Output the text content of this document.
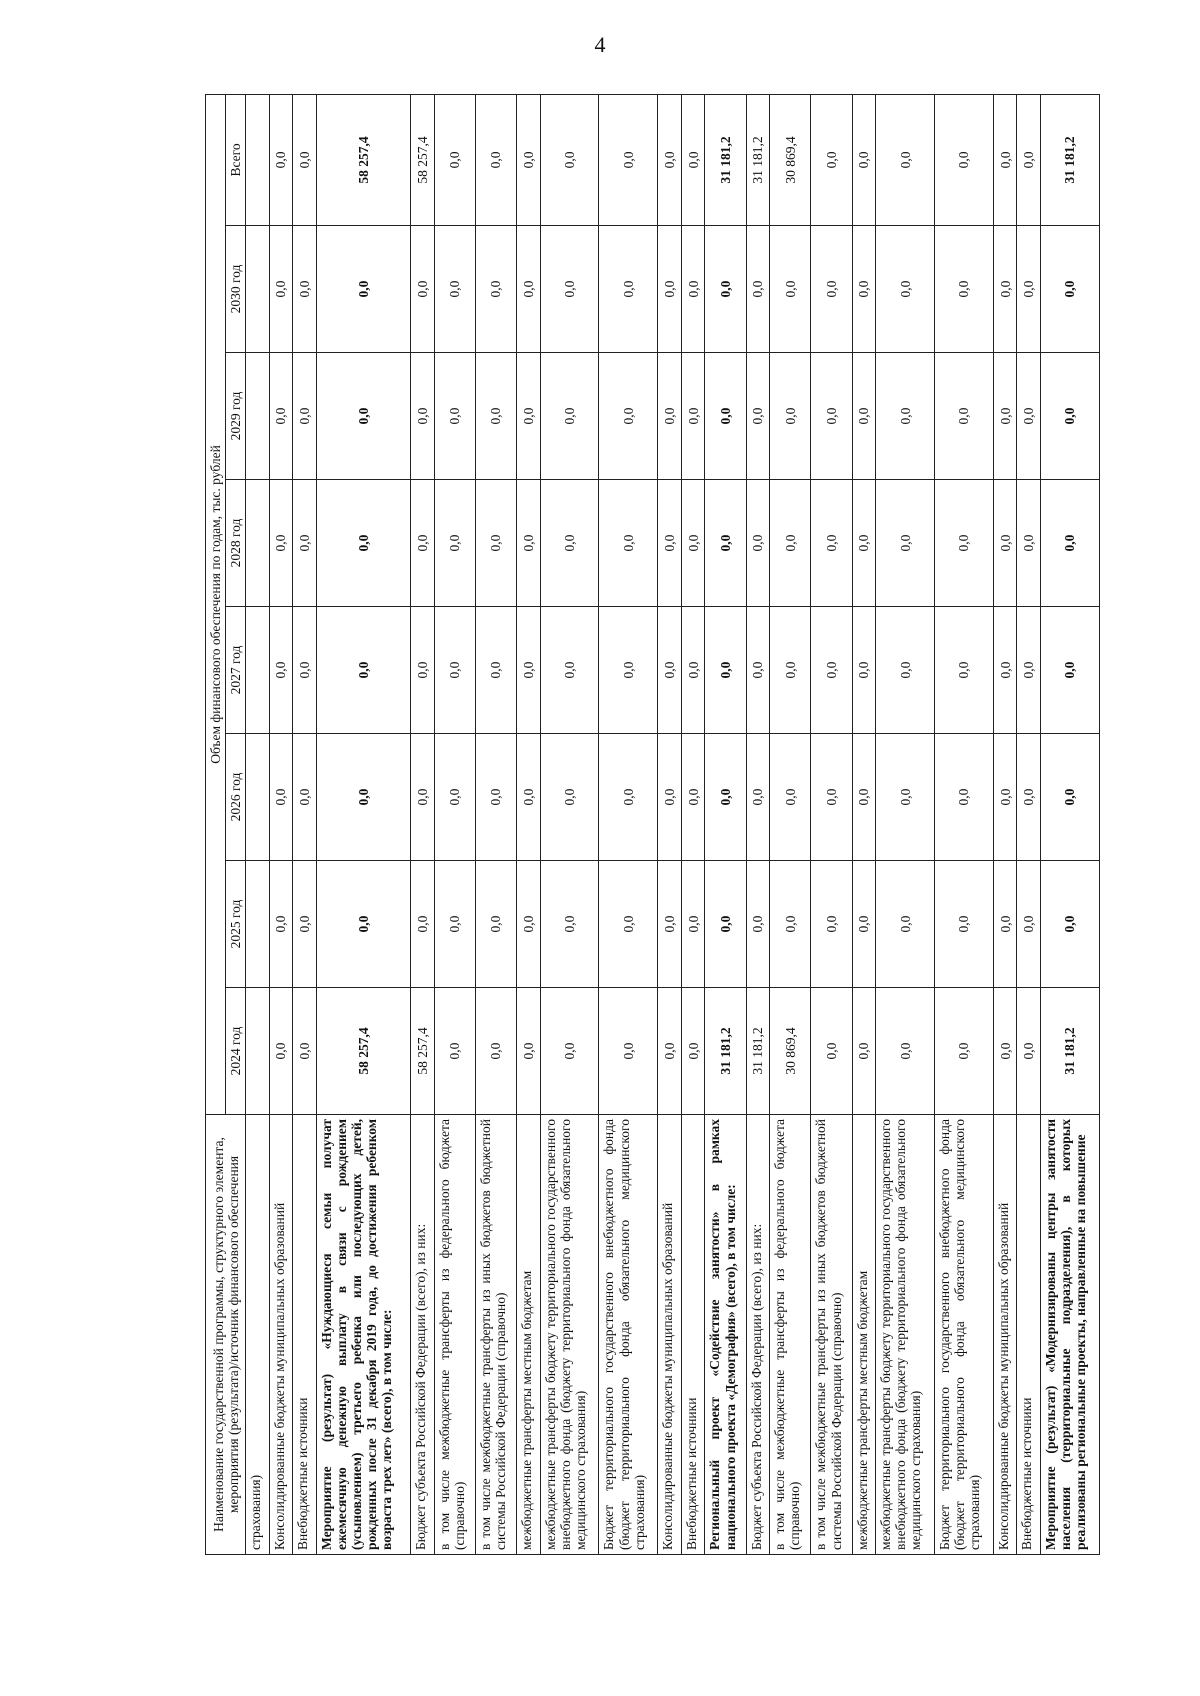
4
Наименование государственной программы, структурного элемента, мероприятия (результата)/источник финансового обеспечения	Объем финансового обеспечения по годам, тыс. рублей							
	2024 год	2025 год	2026 год	2027 год	2028 год	2029 год	2030 год	Всего

страхования)								

Консолидированные бюджеты муниципальных образований	0,0	0,0	0,0	0,0	0,0	0,0	0,0	0,0

Внебюджетные источники	0,0	0,0	0,0	0,0	0,0	0,0	0,0	0,0

Мероприятие (результат) «Нуждающиеся семьи получат ежемесячную денежную выплату в связи с рождением (усыновлением) третьего ребенка или последующих детей, рожденных после 31 декабря 2019 года, до достижения ребенком возраста трех лет» (всего), в том числе:	58 257,4	0,0	0,0	0,0	0,0	0,0	0,0	58 257,4

Бюджет субъекта Российской Федерации (всего), из них:	58 257,4	0,0	0,0	0,0	0,0	0,0	0,0	58 257,4

в том числе межбюджетные трансферты из федерального бюджета (справочно)	0,0	0,0	0,0	0,0	0,0	0,0	0,0	0,0

в том числе межбюджетные трансферты из иных бюджетов бюджетной системы Российской Федерации (справочно)	0,0	0,0	0,0	0,0	0,0	0,0	0,0	0,0

межбюджетные трансферты местным бюджетам	0,0	0,0	0,0	0,0	0,0	0,0	0,0	0,0

межбюджетные трансферты бюджету территориального государственного внебюджетного фонда (бюджету территориального фонда обязательного медицинского страхования)	0,0	0,0	0,0	0,0	0,0	0,0	0,0	0,0

Бюджет территориального государственного внебюджетного фонда (бюджет территориального фонда обязательного медицинского страхования)	0,0	0,0	0,0	0,0	0,0	0,0	0,0	0,0

Консолидированные бюджеты муниципальных образований	0,0	0,0	0,0	0,0	0,0	0,0	0,0	0,0

Внебюджетные источники	0,0	0,0	0,0	0,0	0,0	0,0	0,0	0,0

Региональный проект «Содействие занятости» в рамках национального проекта «Демография» (всего), в том числе:	31 181,2	0,0	0,0	0,0	0,0	0,0	0,0	31 181,2

Бюджет субъекта Российской Федерации (всего), из них:	31 181,2	0,0	0,0	0,0	0,0	0,0	0,0	31 181,2

в том числе межбюджетные трансферты из федерального бюджета (справочно)	30 869,4	0,0	0,0	0,0	0,0	0,0	0,0	30 869,4

в том числе межбюджетные трансферты из иных бюджетов бюджетной системы Российской Федерации (справочно)	0,0	0,0	0,0	0,0	0,0	0,0	0,0	0,0

межбюджетные трансферты местным бюджетам	0,0	0,0	0,0	0,0	0,0	0,0	0,0	0,0

межбюджетные трансферты бюджету территориального государственного внебюджетного фонда (бюджету территориального фонда обязательного медицинского страхования)	0,0	0,0	0,0	0,0	0,0	0,0	0,0	0,0

Бюджет территориального государственного внебюджетного фонда (бюджет территориального фонда обязательного медицинского страхования)	0,0	0,0	0,0	0,0	0,0	0,0	0,0	0,0

Консолидированные бюджеты муниципальных образований	0,0	0,0	0,0	0,0	0,0	0,0	0,0	0,0

Внебюджетные источники	0,0	0,0	0,0	0,0	0,0	0,0	0,0	0,0

Мероприятие (результат) «Модернизированы центры занятости населения (территориальные подразделения), в которых реализованы региональные проекты, направленные на повышение	31 181,2	0,0	0,0	0,0	0,0	0,0	0,0	31 181,2
